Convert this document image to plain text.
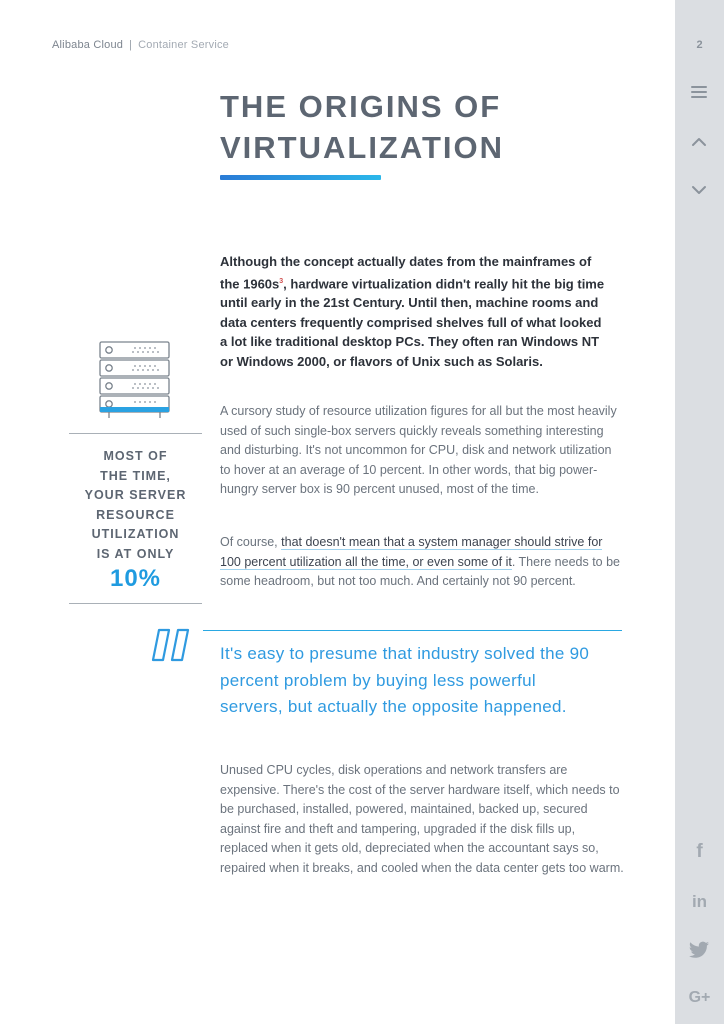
Alibaba Cloud | Container Service
THE ORIGINS OF
VIRTUALIZATION
Although the concept actually dates from the mainframes of the $1960s^3$, hardware virtualization didn't really hit the big time until early in the 21st Century. Until then, machine rooms and data centers frequently comprised shelves full of what looked a lot like traditional desktop PCs. They often ran Windows NT or Windows 2000, or flavors of Unix such as Solaris.
A cursory study of resource utilization figures for all but the most heavily used of such single-box servers quickly reveals something interesting and disturbing. It's not uncommon for CPU, disk and network utilization to hover at an average of 10 percent. In other words, that big power-hungry server box is 90 percent unused, most of the time.
Of course, that doesn't mean that a system manager should strive for 100 percent utilization all the time, or even some of it. There needs to be some headroom, but not too much. And certainly not 90 percent.
MOST OF
THE TIME,
YOUR SERVER
RESOURCE
UTILIZATION
IS AT ONLY
10%
It's easy to presume that industry solved the 90 percent problem by buying less powerful servers, but actually the opposite happened.
Unused CPU cycles, disk operations and network transfers are expensive. There's the cost of the server hardware itself, which needs to be purchased, installed, powered, maintained, backed up, secured against fire and theft and tampering, upgraded if the disk fills up, replaced when it gets old, depreciated when the accountant says so, repaired when it breaks, and cooled when the data center gets too warm.
2
f
in
G+
